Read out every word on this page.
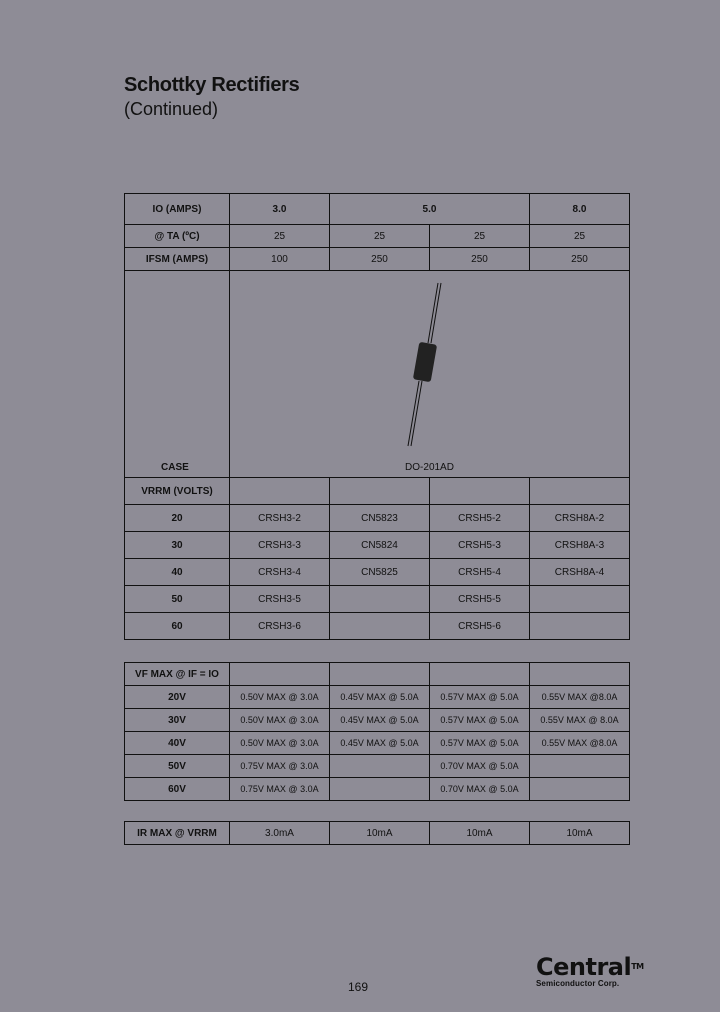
Schottky Rectifiers
(Continued)
IO (AMPS)	3.0	5.0		8.0
@ TA (ºC)	25	25	25	25
IFSM (AMPS)	100	250	250	250

CASE	DO-201AD			

VRRM (VOLTS)				
20	CRSH3-2	CN5823	CRSH5-2	CRSH8A-2
30	CRSH3-3	CN5824	CRSH5-3	CRSH8A-3
40	CRSH3-4	CN5825	CRSH5-4	CRSH8A-4
50	CRSH3-5		CRSH5-5	
60	CRSH3-6		CRSH5-6	
VF MAX @ IF = IO				
20V	0.50V MAX @ 3.0A	0.45V MAX @ 5.0A	0.57V MAX @ 5.0A	0.55V MAX @8.0A
30V	0.50V MAX @ 3.0A	0.45V MAX @ 5.0A	0.57V MAX @ 5.0A	0.55V MAX @ 8.0A
40V	0.50V MAX @ 3.0A	0.45V MAX @ 5.0A	0.57V MAX @ 5.0A	0.55V MAX @8.0A
50V	0.75V MAX @ 3.0A		0.70V MAX @ 5.0A	
60V	0.75V MAX @ 3.0A		0.70V MAX @ 5.0A	
IR MAX @ VRRM	3.0mA	10mA	10mA	10mA
169
Central™
Semiconductor Corp.
